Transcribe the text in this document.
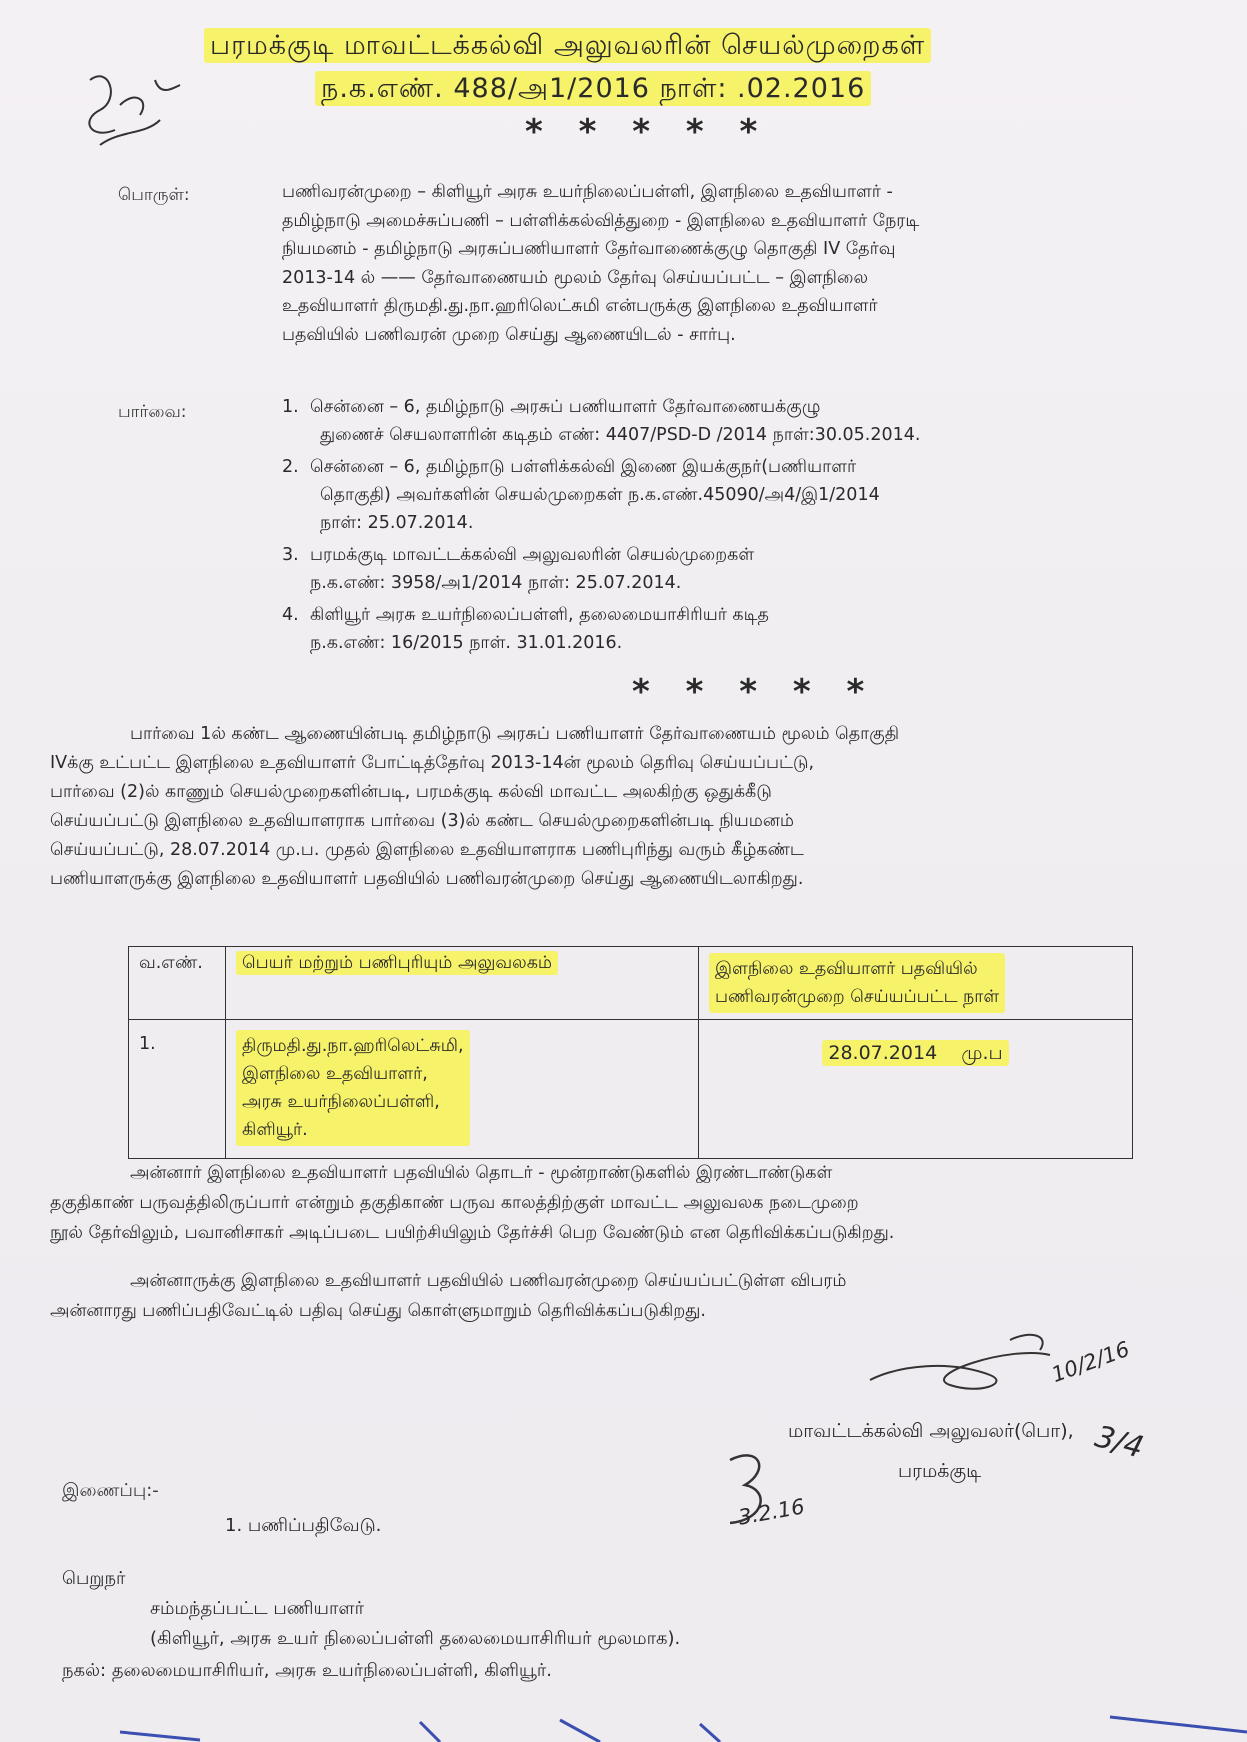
பரமக்குடி மாவட்டக்கல்வி அலுவலரின் செயல்முறைகள்
ந.க.எண். 488/அ1/2016 நாள்: .02.2016
* * * * *
பொருள்:	பணிவரன்முறை – கிளியூர் அரசு உயர்நிலைப்பள்ளி, இளநிலை உதவியாளர் -
தமிழ்நாடு அமைச்சுப்பணி – பள்ளிக்கல்வித்துறை - இளநிலை உதவியாளர் நேரடி
நியமனம் - தமிழ்நாடு அரசுப்பணியாளர் தேர்வாணைக்குழு தொகுதி IV தேர்வு
2013-14 ல் —— தேர்வாணையம் மூலம் தேர்வு செய்யப்பட்ட – இளநிலை
உதவியாளர் திருமதி.து.நா.ஹரிலெட்சுமி என்பருக்கு இளநிலை உதவியாளர்
பதவியில் பணிவரன் முறை செய்து ஆணையிடல் - சார்பு.
பார்வை:	1. சென்னை – 6, தமிழ்நாடு அரசுப் பணியாளர் தேர்வாணையக்குழு
துணைச் செயலாளரின் கடிதம் எண்: 4407/PSD-D /2014 நாள்:30.05.2014.
2. சென்னை – 6, தமிழ்நாடு பள்ளிக்கல்வி இணை இயக்குநர்(பணியாளர்
தொகுதி) அவர்களின் செயல்முறைகள் ந.க.எண்.45090/அ4/இ1/2014
நாள்: 25.07.2014.
3. பரமக்குடி மாவட்டக்கல்வி அலுவலரின் செயல்முறைகள்
ந.க.எண்: 3958/அ1/2014 நாள்: 25.07.2014.
4. கிளியூர் அரசு உயர்நிலைப்பள்ளி, தலைமையாசிரியர் கடித
ந.க.எண்: 16/2015 நாள். 31.01.2016.
* * * * *
பார்வை 1ல் கண்ட ஆணையின்படி தமிழ்நாடு அரசுப் பணியாளர் தேர்வாணையம் மூலம் தொகுதி
IVக்கு உட்பட்ட இளநிலை உதவியாளர் போட்டித்தேர்வு 2013-14ன் மூலம் தெரிவு செய்யப்பட்டு,
பார்வை (2)ல் காணும் செயல்முறைகளின்படி, பரமக்குடி கல்வி மாவட்ட அலகிற்கு ஒதுக்கீடு
செய்யப்பட்டு இளநிலை உதவியாளராக பார்வை (3)ல் கண்ட செயல்முறைகளின்படி நியமனம்
செய்யப்பட்டு, 28.07.2014 மு.ப. முதல் இளநிலை உதவியாளராக பணிபுரிந்து வரும் கீழ்கண்ட
பணியாளருக்கு இளநிலை உதவியாளர் பதவியில் பணிவரன்முறை செய்து ஆணையிடலாகிறது.
வ.எண்.	பெயர் மற்றும் பணிபுரியும் அலுவலகம்	இளநிலை உதவியாளர் பதவியில்
பணிவரன்முறை செய்யப்பட்ட நாள்
1.	திருமதி.து.நா.ஹரிலெட்சுமி,
இளநிலை உதவியாளர்,
அரசு உயர்நிலைப்பள்ளி,
கிளியூர்.	28.07.2014 மு.ப
அன்னார் இளநிலை உதவியாளர் பதவியில் தொடர் - மூன்றாண்டுகளில் இரண்டாண்டுகள்
தகுதிகாண் பருவத்திலிருப்பார் என்றும் தகுதிகாண் பருவ காலத்திற்குள் மாவட்ட அலுவலக நடைமுறை
நூல் தேர்விலும், பவானிசாகர் அடிப்படை பயிற்சியிலும் தேர்ச்சி பெற வேண்டும் என தெரிவிக்கப்படுகிறது.
அன்னாருக்கு இளநிலை உதவியாளர் பதவியில் பணிவரன்முறை செய்யப்பட்டுள்ள விபரம்
அன்னாரது பணிப்பதிவேட்டில் பதிவு செய்து கொள்ளுமாறும் தெரிவிக்கப்படுகிறது.
10/2/16
மாவட்டக்கல்வி அலுவலர்(பொ),
பரமக்குடி
3.2.16
3/4
இணைப்பு:-
1. பணிப்பதிவேடு.
பெறுநர்
சம்மந்தப்பட்ட பணியாளர்
(கிளியூர், அரசு உயர் நிலைப்பள்ளி தலைமையாசிரியர் மூலமாக).
நகல்: தலைமையாசிரியர், அரசு உயர்நிலைப்பள்ளி, கிளியூர்.
